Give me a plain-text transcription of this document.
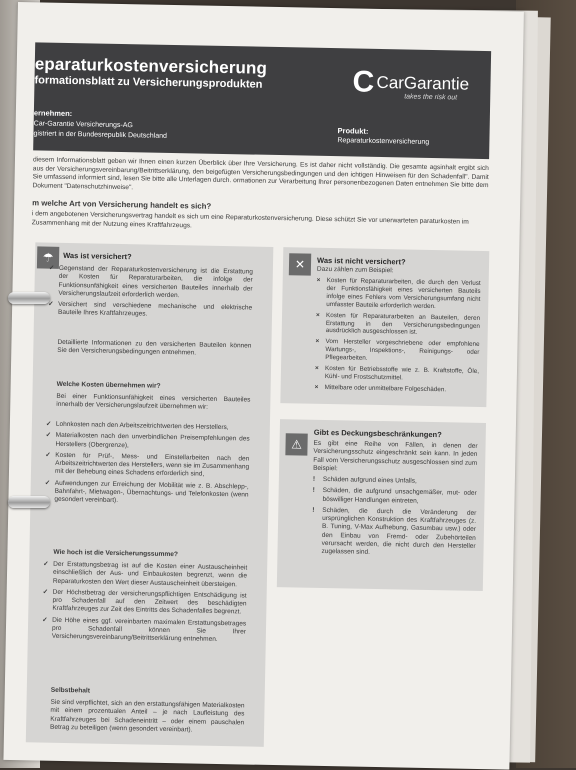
eparaturkostenversicherung
formationsblatt zu Versicherungsprodukten	C CarGarantie
takes the risk out
ernehmen:
Car-Garantie Versicherungs-AG
gistriert in der Bundesrepublik Deutschland	Produkt:
Reparaturkostenversicherung
diesem Informationsblatt geben wir Ihnen einen kurzen Überblick über Ihre Versicherung. Es ist daher nicht vollständig. Die gesamte agsinhalt ergibt sich aus der Versicherungsvereinbarung/Beitrittserklärung, den beigefügten Versicherungsbedingungen und den ichtigen Hinweisen für den Schadenfall". Damit Sie umfassend informiert sind, lesen Sie bitte alle Unterlagen durch. ormationen zur Verarbeitung Ihrer personenbezogenen Daten entnehmen Sie bitte dem Dokument "Datenschutzhinweise".
m welche Art von Versicherung handelt es sich?
i dem angebotenen Versicherungsvertrag handelt es sich um eine Reparaturkostenversicherung. Diese schützt Sie vor unerwarteten paraturkosten im Zusammenhang mit der Nutzung eines Kraftfahrzeugs.
☂	Was ist versichert?
✓ Gegenstand der Reparaturkostenversicherung ist die Erstattung der Kosten für Reparaturarbeiten, die infolge der Funktionsunfähigkeit eines versicherten Bauteiles innerhalb der Versicherungslaufzeit erforderlich werden.
✓ Versichert sind verschiedene mechanische und elektrische Bauteile Ihres Kraftfahrzeuges.
Detaillierte Informationen zu den versicherten Bauteilen können Sie den Versicherungsbedingungen entnehmen.
Welche Kosten übernehmen wir?
Bei einer Funktionsunfähigkeit eines versicherten Bauteiles innerhalb der Versicherungslaufzeit übernehmen wir:
✓ Lohnkosten nach den Arbeitszeitrichtwerten des Herstellers,
✓ Materialkosten nach den unverbindlichen Preisempfehlungen des Herstellers (Obergrenze),
✓ Kosten für Prüf-, Mess- und Einstellarbeiten nach den Arbeitszeitrichtwerten des Herstellers, wenn sie im Zusammenhang mit der Behebung eines Schadens erforderlich sind,
✓ Aufwendungen zur Erreichung der Mobilität wie z. B. Abschlepp-, Bahnfahrt-, Mietwagen-, Übernachtungs- und Telefonkosten (wenn gesondert vereinbart).
Wie hoch ist die Versicherungssumme?
✓ Der Erstattungsbetrag ist auf die Kosten einer Austauscheinheit einschließlich der Aus- und Einbaukosten begrenzt, wenn die Reparaturkosten den Wert dieser Austauscheinheit übersteigen.
✓ Der Höchstbetrag der versicherungspflichtigen Entschädigung ist pro Schadenfall auf den Zeitwert des beschädigten Kraftfahrzeuges zur Zeit des Eintritts des Schadenfalles begrenzt.
✓ Die Höhe eines ggf. vereinbarten maximalen Erstattungsbetrages pro Schadenfall können Sie Ihrer Versicherungsvereinbarung/Beitrittserklärung entnehmen.
Selbstbehalt
Sie sind verpflichtet, sich an den erstattungsfähigen Materialkosten mit einem prozentualen Anteil – je nach Laufleistung des Kraftfahrzeuges bei Schadeneintritt – oder einem pauschalen Betrag zu beteiligen (wenn gesondert vereinbart).
✕	Was ist nicht versichert?
Dazu zählen zum Beispiel:
× Kosten für Reparaturarbeiten, die durch den Verlust der Funktionsfähigkeit eines versicherten Bauteils infolge eines Fehlers vom Versicherungsumfang nicht umfasster Bauteile erforderlich werden.
× Kosten für Reparaturarbeiten an Bauteilen, deren Erstattung in den Versicherungsbedingungen ausdrücklich ausgeschlossen ist.
× Vom Hersteller vorgeschriebene oder empfohlene Wartungs-, Inspektions-, Reinigungs- oder Pflegearbeiten.
× Kosten für Betriebsstoffe wie z. B. Kraftstoffe, Öle, Kühl- und Frostschutzmittel.
× Mittelbare oder unmittelbare Folgeschäden.
⚠
Gibt es Deckungsbeschränkungen?
Es gibt eine Reihe von Fällen, in denen der Versicherungsschutz eingeschränkt sein kann. In jeden Fall vom Versicherungsschutz ausgeschlossen sind zum Beispiel:
! Schäden aufgrund eines Unfalls,
! Schäden, die aufgrund unsachgemäßer, mut- oder böswilliger Handlungen eintreten,
! Schäden, die durch die Veränderung der ursprünglichen Konstruktion des Kraftfahrzeuges (z. B. Tuning, V-Max Aufhebung, Gasumbau usw.) oder den Einbau von Fremd- oder Zubehörteilen verursacht werden, die nicht durch den Hersteller zugelassen sind.
